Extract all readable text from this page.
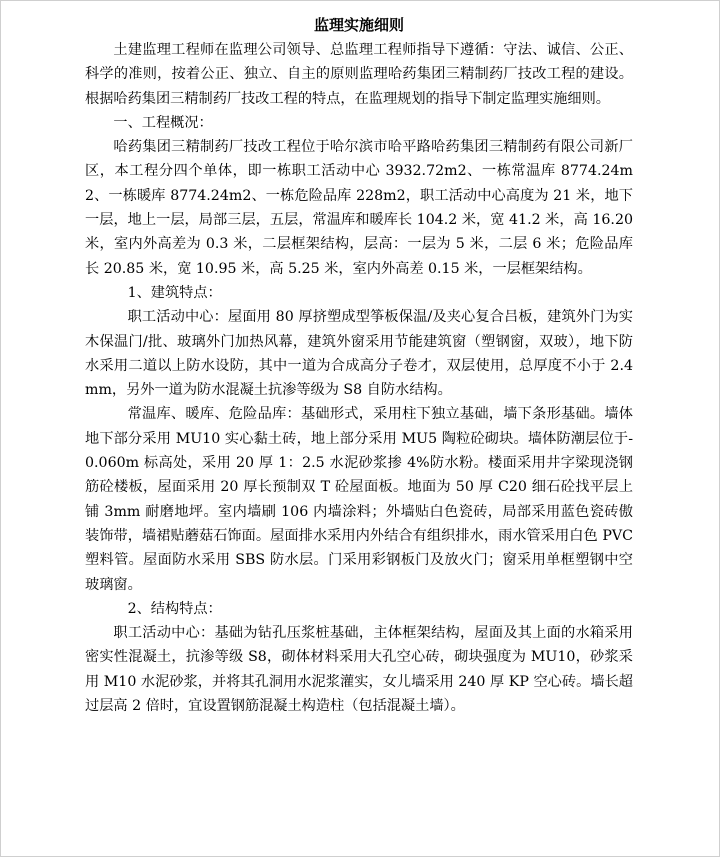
监理实施细则

土建监理工程师在监理公司领导、总监理工程师指导下遵循：守法、诚信、公正、科学的准则，按着公正、独立、自主的原则监理哈药集团三精制药厂技改工程的建设。根据哈药集团三精制药厂技改工程的特点，在监理规划的指导下制定监理实施细则。

一、工程概况：

哈药集团三精制药厂技改工程位于哈尔滨市哈平路哈药集团三精制药有限公司新厂区，本工程分四个单体，即一栋职工活动中心 3932.72m2、一栋常温库 8774.24m2、一栋暖库 8774.24m2、一栋危险品库 228m2，职工活动中心高度为 21 米，地下一层，地上一层，局部三层，五层，常温库和暖库长 104.2 米，宽 41.2 米，高 16.20 米，室内外高差为 0.3 米，二层框架结构，层高：一层为 5 米，二层 6 米；危险品库长 20.85 米，宽 10.95 米，高 5.25 米，室内外高差 0.15 米，一层框架结构。

1、建筑特点：

职工活动中心：屋面用 80 厚挤塑成型筝板保温/及夹心复合吕板，建筑外门为实木保温门/批、玻璃外门加热风幕，建筑外窗采用节能建筑窗（塑钢窗，双玻），地下防水采用二道以上防水设防，其中一道为合成高分子卷才，双层使用，总厚度不小于 2.4mm，另外一道为防水混凝土抗渗等级为 S8 自防水结构。

常温库、暖库、危险品库：基础形式，采用柱下独立基础，墙下条形基础。墙体地下部分采用 MU10 实心黏土砖，地上部分采用 MU5 陶粒砼砌块。墙体防潮层位于-0.060m 标高处，采用 20 厚 1：2.5 水泥砂浆掺 4%防水粉。楼面采用井字梁现浇钢筋砼楼板，屋面采用 20 厚长预制双 T 砼屋面板。地面为 50 厚 C20 细石砼找平层上铺 3mm 耐磨地坪。室内墙刷 106 内墙涂料；外墙贴白色瓷砖，局部采用蓝色瓷砖傲装饰带，墙裙贴蘑菇石饰面。屋面排水采用内外结合有组织排水，雨水管采用白色 PVC 塑料管。屋面防水采用 SBS 防水层。门采用彩钢板门及放火门；窗采用单框塑钢中空玻璃窗。

2、结构特点：

职工活动中心：基础为钻孔压浆桩基础，主体框架结构，屋面及其上面的水箱采用密实性混凝土，抗渗等级 S8，砌体材料采用大孔空心砖，砌块强度为 MU10，砂浆采用 M10 水泥砂浆，并将其孔洞用水泥浆灌实，女儿墙采用 240 厚 KP 空心砖。墙长超过层高 2 倍时，宜设置钢筋混凝土构造柱（包括混凝土墙）。
